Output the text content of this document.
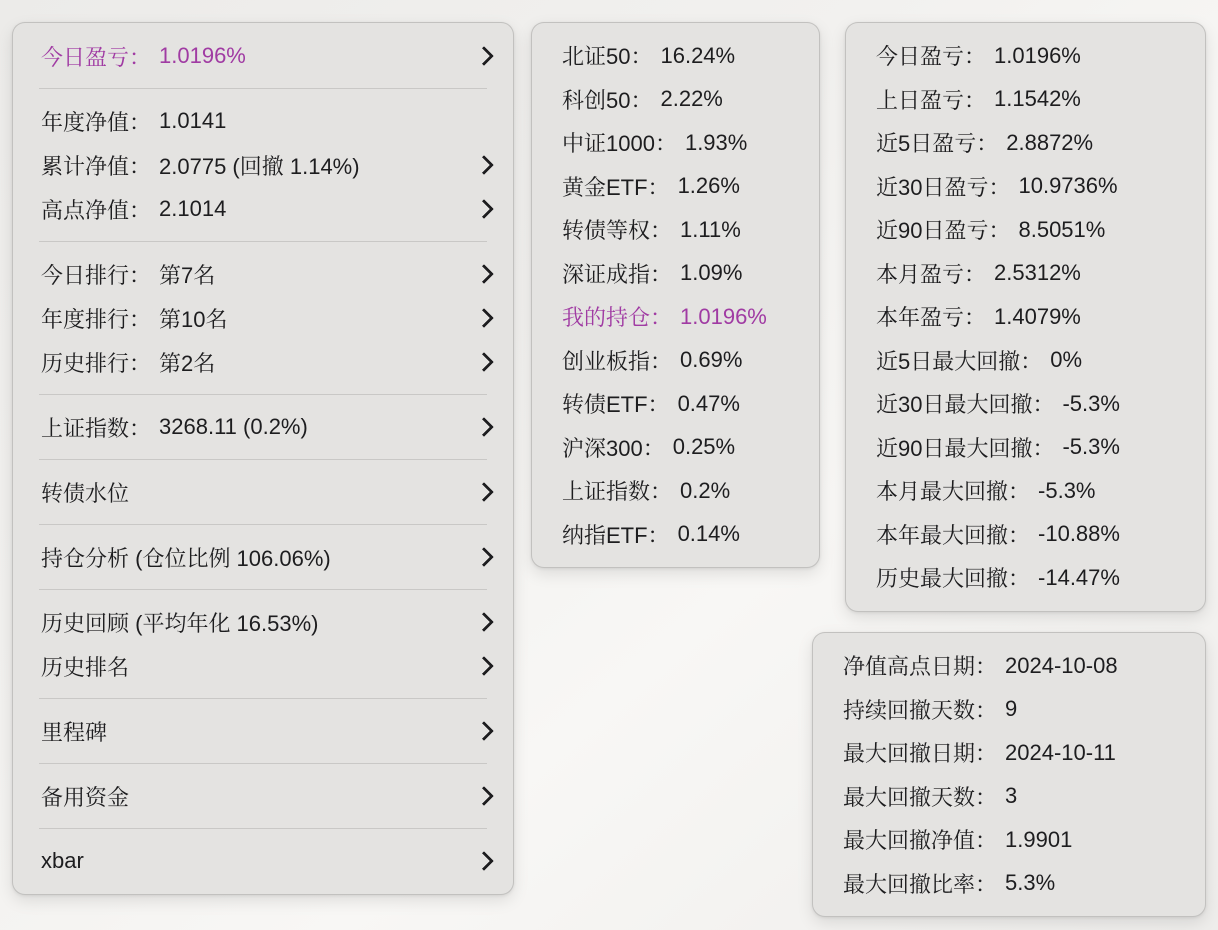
今日盈亏： 1.0196%
年度净值： 1.0141
累计净值： 2.0775 (回撤 1.14%)
高点净值： 2.1014
今日排行： 第7名
年度排行： 第10名
历史排行： 第2名
上证指数： 3268.11 (0.2%)
转债水位
持仓分析 (仓位比例 106.06%)
历史回顾 (平均年化 16.53%)
历史排名
里程碑
备用资金
xbar
北证50： 16.24%
科创50： 2.22%
中证1000： 1.93%
黄金ETF： 1.26%
转债等权： 1.11%
深证成指： 1.09%
我的持仓： 1.0196%
创业板指： 0.69%
转债ETF： 0.47%
沪深300： 0.25%
上证指数： 0.2%
纳指ETF： 0.14%
今日盈亏： 1.0196%
上日盈亏： 1.1542%
近5日盈亏： 2.8872%
近30日盈亏： 10.9736%
近90日盈亏： 8.5051%
本月盈亏： 2.5312%
本年盈亏： 1.4079%
近5日最大回撤： 0%
近30日最大回撤： -5.3%
近90日最大回撤： -5.3%
本月最大回撤： -5.3%
本年最大回撤： -10.88%
历史最大回撤： -14.47%
净值高点日期： 2024-10-08
持续回撤天数： 9
最大回撤日期： 2024-10-11
最大回撤天数： 3
最大回撤净值： 1.9901
最大回撤比率： 5.3%
